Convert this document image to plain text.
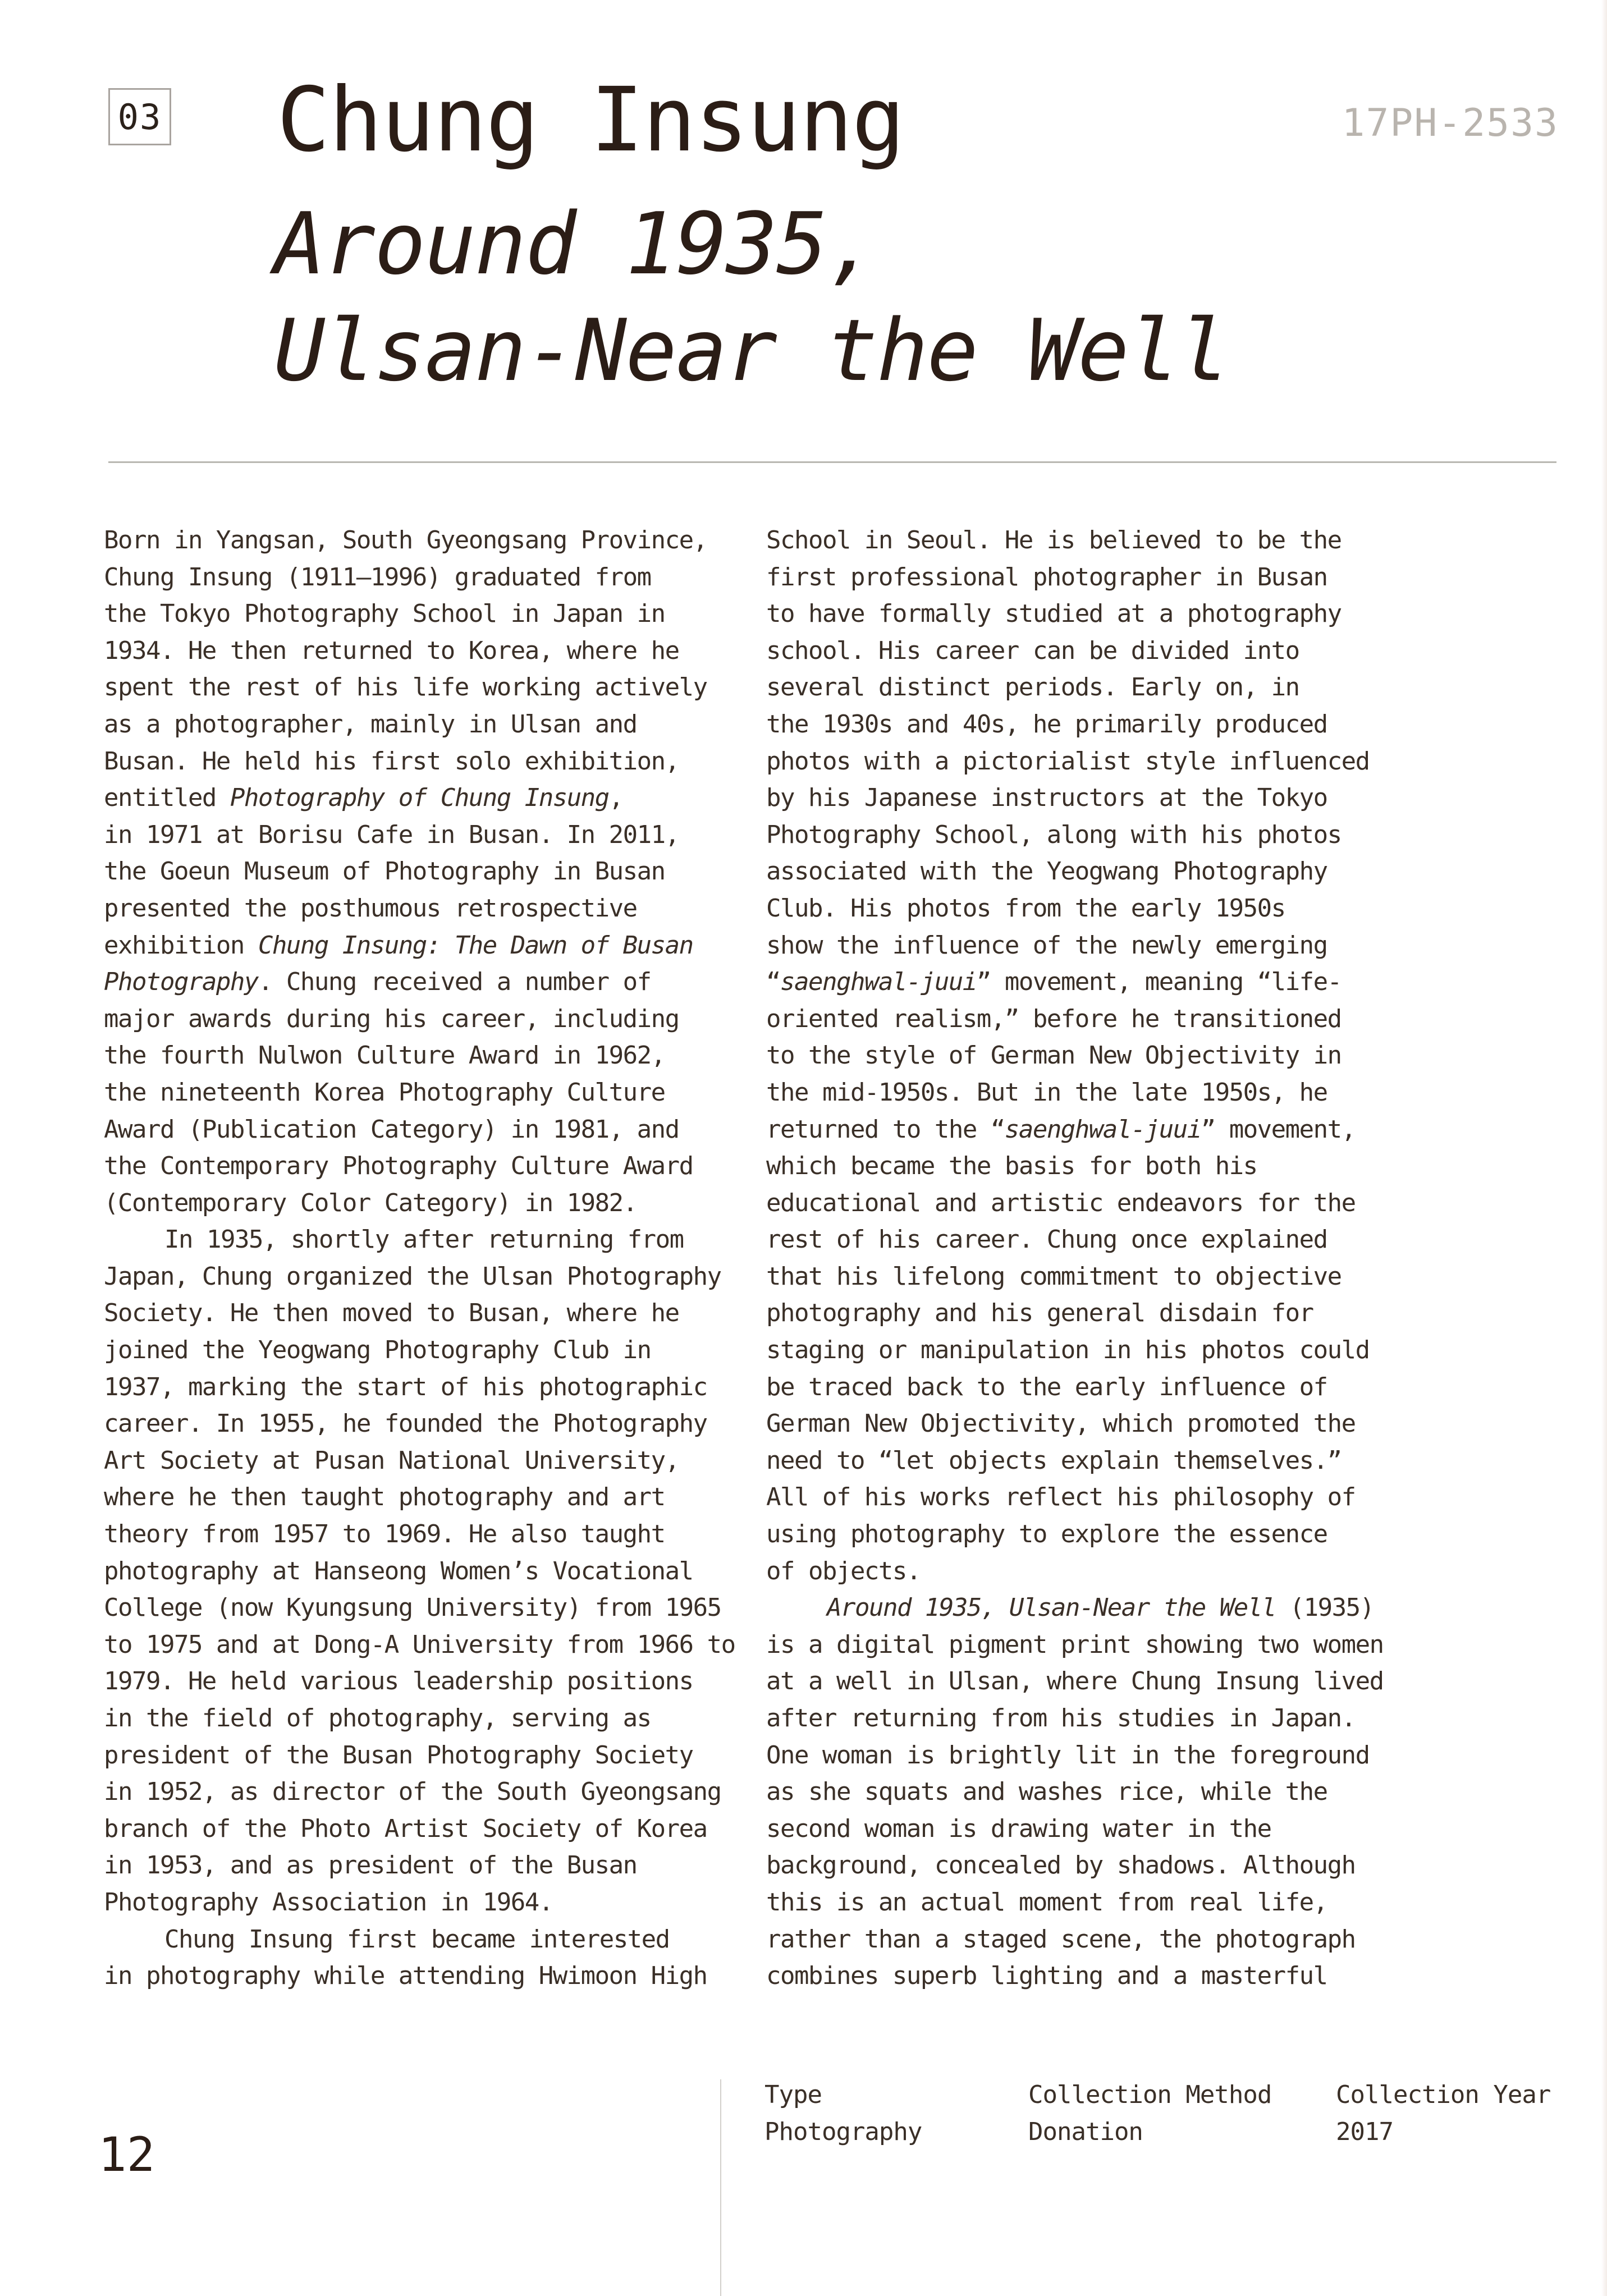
03 Chung Insung
Around 1935,
Ulsan-Near the Well
17PH-2533
Born in Yangsan, South Gyeongsang Province,
Chung Insung (1911–1996) graduated from
the Tokyo Photography School in Japan in
1934. He then returned to Korea, where he
spent the rest of his life working actively
as a photographer, mainly in Ulsan and
Busan. He held his first solo exhibition,
entitled Photography of Chung Insung,
in 1971 at Borisu Cafe in Busan. In 2011,
the Goeun Museum of Photography in Busan
presented the posthumous retrospective
exhibition Chung Insung: The Dawn of Busan
Photography. Chung received a number of
major awards during his career, including
the fourth Nulwon Culture Award in 1962,
the nineteenth Korea Photography Culture
Award (Publication Category) in 1981, and
the Contemporary Photography Culture Award
(Contemporary Color Category) in 1982.
In 1935, shortly after returning from
Japan, Chung organized the Ulsan Photography
Society. He then moved to Busan, where he
joined the Yeogwang Photography Club in
1937, marking the start of his photographic
career. In 1955, he founded the Photography
Art Society at Pusan National University,
where he then taught photography and art
theory from 1957 to 1969. He also taught
photography at Hanseong Women’s Vocational
College (now Kyungsung University) from 1965
to 1975 and at Dong-A University from 1966 to
1979. He held various leadership positions
in the field of photography, serving as
president of the Busan Photography Society
in 1952, as director of the South Gyeongsang
branch of the Photo Artist Society of Korea
in 1953, and as president of the Busan
Photography Association in 1964.
Chung Insung first became interested
in photography while attending Hwimoon High
School in Seoul. He is believed to be the
first professional photographer in Busan
to have formally studied at a photography
school. His career can be divided into
several distinct periods. Early on, in
the 1930s and 40s, he primarily produced
photos with a pictorialist style influenced
by his Japanese instructors at the Tokyo
Photography School, along with his photos
associated with the Yeogwang Photography
Club. His photos from the early 1950s
show the influence of the newly emerging
“saenghwal-juui” movement, meaning “life-
oriented realism,” before he transitioned
to the style of German New Objectivity in
the mid-1950s. But in the late 1950s, he
returned to the “saenghwal-juui” movement,
which became the basis for both his
educational and artistic endeavors for the
rest of his career. Chung once explained
that his lifelong commitment to objective
photography and his general disdain for
staging or manipulation in his photos could
be traced back to the early influence of
German New Objectivity, which promoted the
need to “let objects explain themselves.”
All of his works reflect his philosophy of
using photography to explore the essence
of objects.
Around 1935, Ulsan-Near the Well (1935)
is a digital pigment print showing two women
at a well in Ulsan, where Chung Insung lived
after returning from his studies in Japan.
One woman is brightly lit in the foreground
as she squats and washes rice, while the
second woman is drawing water in the
background, concealed by shadows. Although
this is an actual moment from real life,
rather than a staged scene, the photograph
combines superb lighting and a masterful
12
Type
Photography
Collection Method
Donation
Collection Year
2017
